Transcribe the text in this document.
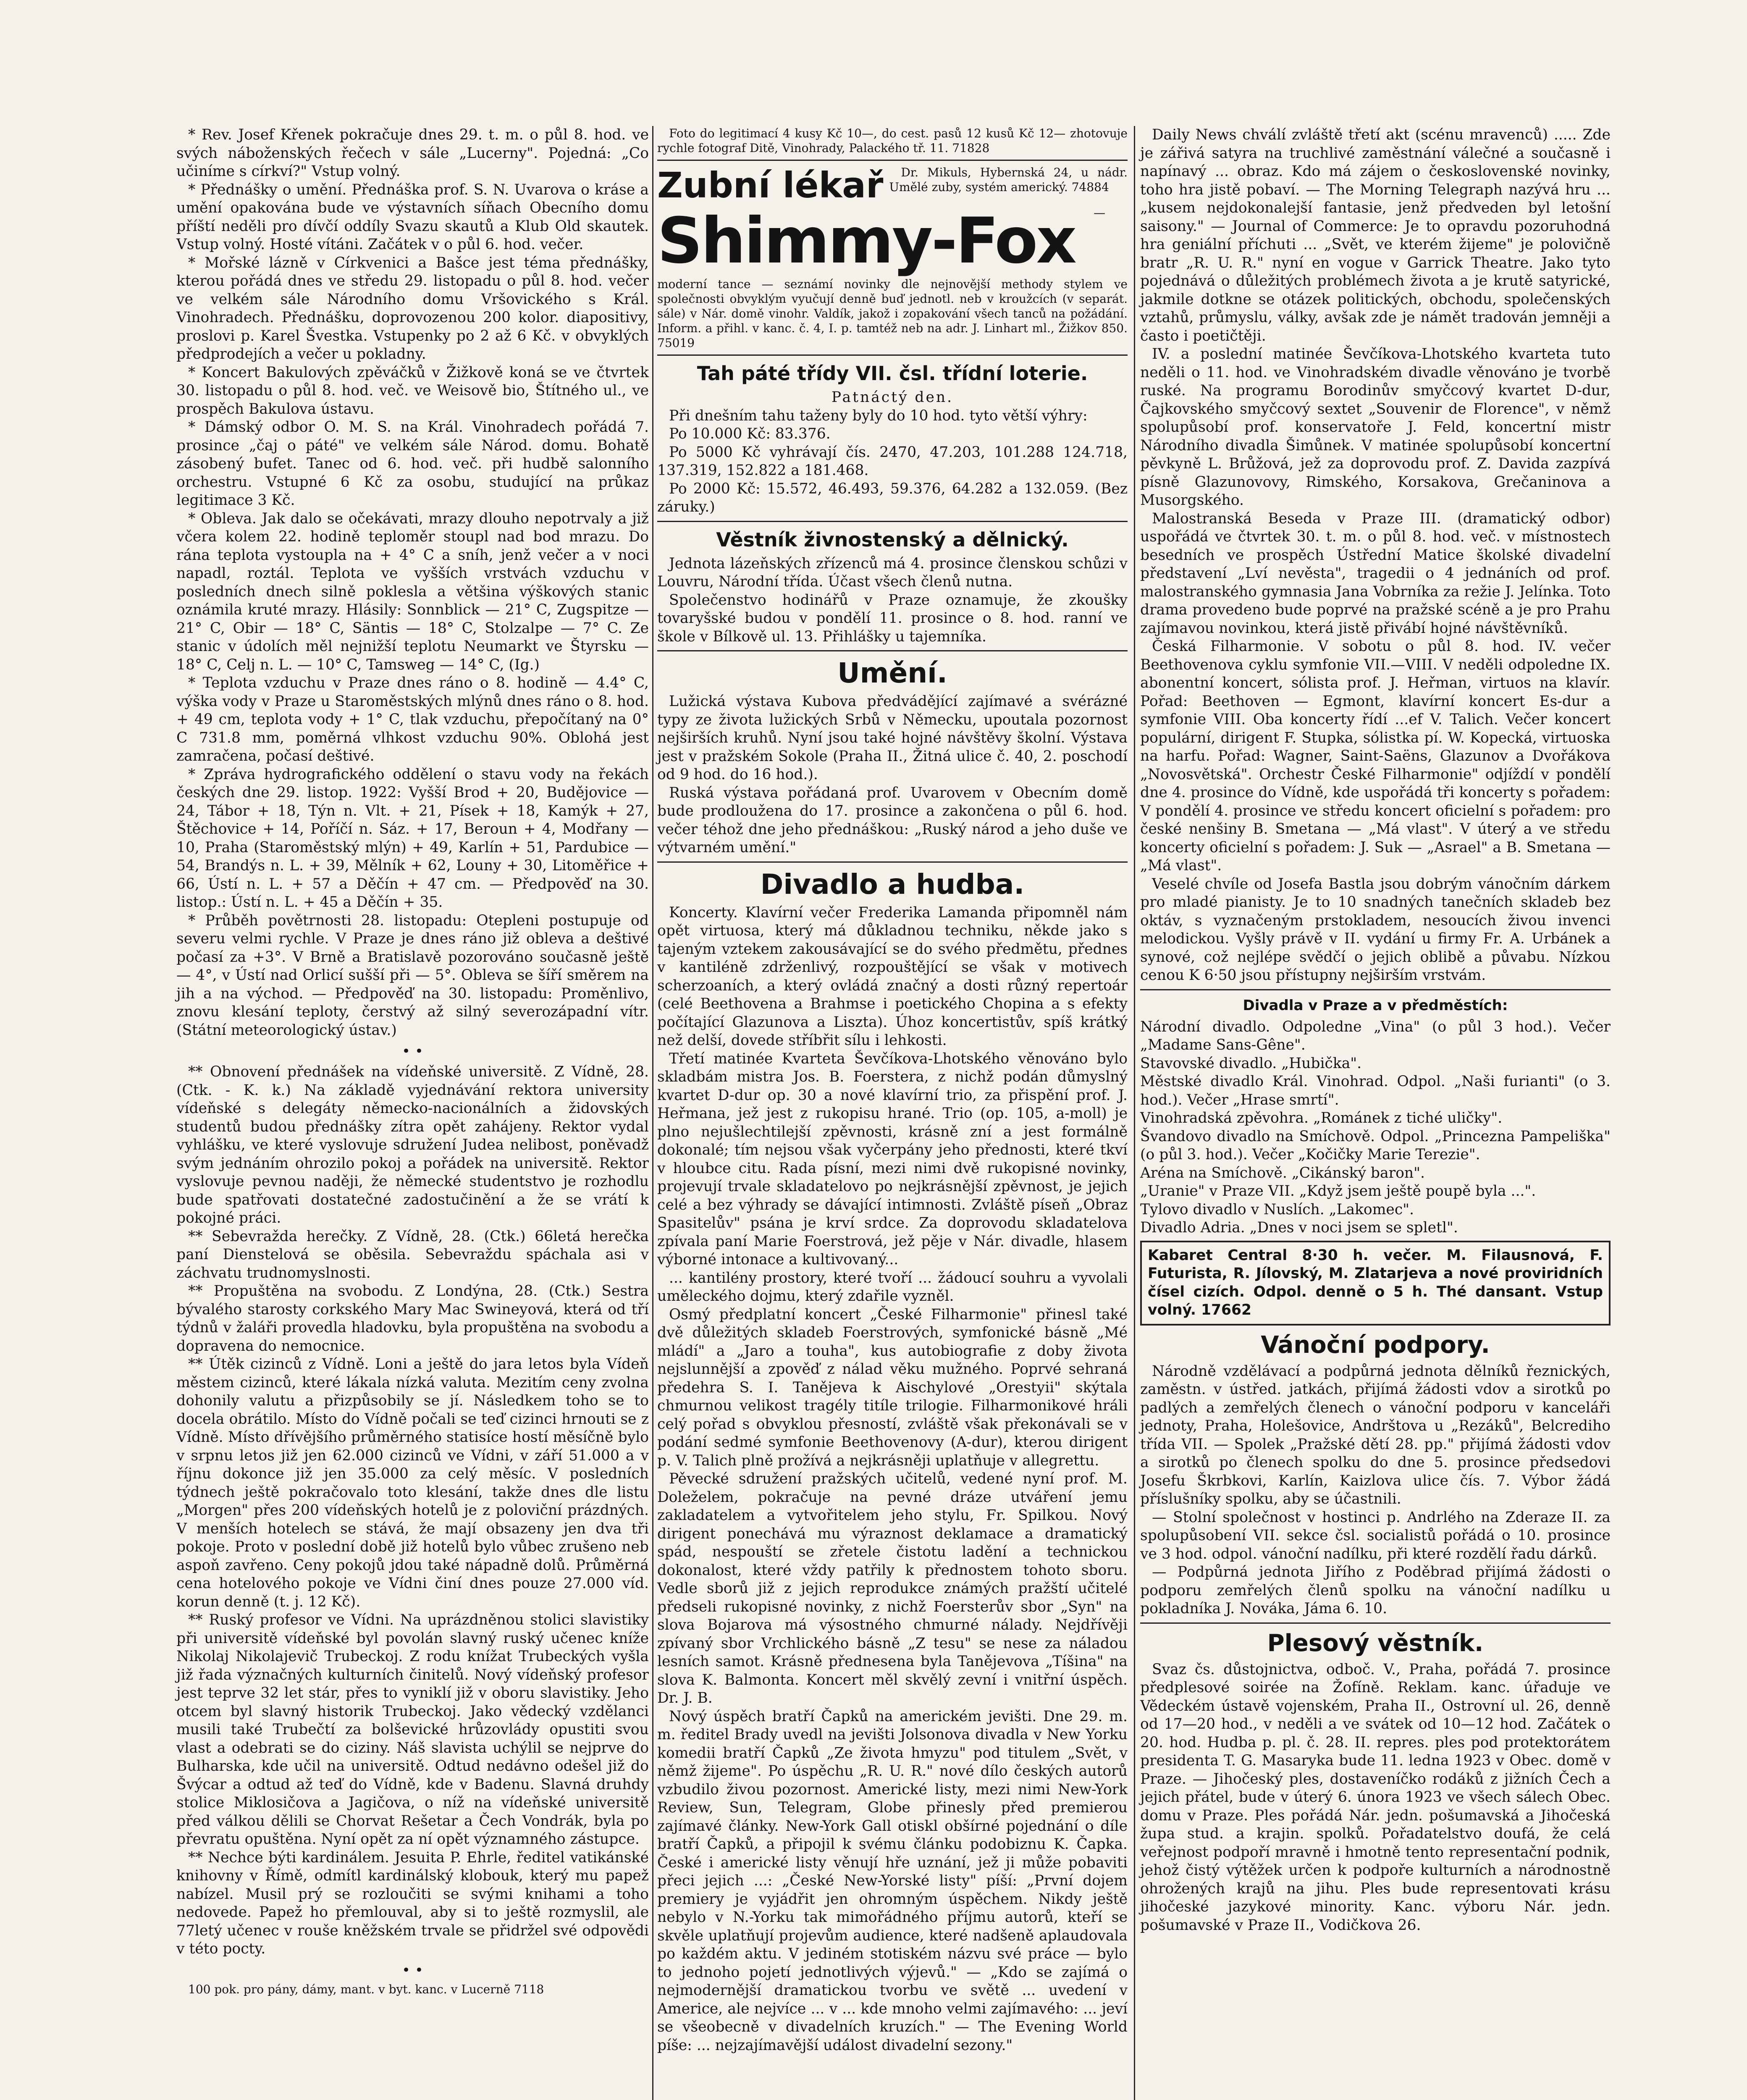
* Rev. Josef Křenek pokračuje dnes 29. t. m. o půl 8. hod. ve svých náboženských řečech v sále „Lucerny". Pojedná: „Co učiníme s církví?" Vstup volný.

* Přednášky o umění. Přednáška prof. S. N. Uvarova o kráse a umění opakována bude ve výstavních síňach Obecního domu příští neděli pro dívčí oddíly Svazu skautů a Klub Old skautek. Vstup volný. Hosté vítáni. Začátek v o půl 6. hod. večer.

* Mořské lázně v Církvenici a Bašce jest téma přednášky, kterou pořádá dnes ve středu 29. listopadu o půl 8. hod. večer ve velkém sále Národního domu Vršovického s Král. Vinohradech. Přednášku, doprovozenou 200 kolor. diapositivy, proslovi p. Karel Švestka. Vstupenky po 2 až 6 Kč. v obvyklých předprodejích a večer u pokladny.

* Koncert Bakulových zpěváčků v Žižkově koná se ve čtvrtek 30. listopadu o půl 8. hod. več. ve Weisově bio, Štítného ul., ve prospěch Bakulova ústavu.

* Dámský odbor O. M. S. na Král. Vinohradech pořádá 7. prosince „čaj o páté" ve velkém sále Národ. domu. Bohatě zásobený bufet. Tanec od 6. hod. več. při hudbě salonního orchestru. Vstupné 6 Kč za osobu, studující na průkaz legitimace 3 Kč.

* Obleva. Jak dalo se očekávati, mrazy dlouho nepotrvaly a již včera kolem 22. hodině teploměr stoupl nad bod mrazu. Do rána teplota vystoupla na + 4° C a sníh, jenž večer a v noci napadl, roztál. Teplota ve vyšších vrstvách vzduchu v posledních dnech silně poklesla a většina výškových stanic oznámila kruté mrazy. Hlásily: Sonnblick — 21° C, Zugspitze — 21° C, Obir — 18° C, Säntis — 18° C, Stolzalpe — 7° C. Ze stanic v údolích měl nejnižší teplotu Neumarkt ve Štyrsku — 18° C, Celj n. L. — 10° C, Tamsweg — 14° C, (Ig.)

* Teplota vzduchu v Praze dnes ráno o 8. hodině — 4.4° C, výška vody v Praze u Staroměstských mlýnů dnes ráno o 8. hod. + 49 cm, teplota vody + 1° C, tlak vzduchu, přepočítaný na 0° C 731.8 mm, poměrná vlhkost vzduchu 90%. Oblohá jest zamračena, počasí deštivé.

* Zpráva hydrografického oddělení o stavu vody na řekách českých dne 29. listop. 1922: Vyšší Brod + 20, Budějovice — 24, Tábor + 18, Týn n. Vlt. + 21, Písek + 18, Kamýk + 27, Štěchovice + 14, Poříčí n. Sáz. + 17, Beroun + 4, Modřany — 10, Praha (Staroměstský mlýn) + 49, Karlín + 51, Pardubice — 54, Brandýs n. L. + 39, Mělník + 62, Louny + 30, Litoměřice + 66, Ústí n. L. + 57 a Děčín + 47 cm. — Předpověď na 30. listop.: Ústí n. L. + 45 a Děčín + 35.

* Průběh povětrnosti 28. listopadu: Otepleni postupuje od severu velmi rychle. V Praze je dnes ráno již obleva a deštivé počasí za +3°. V Brně a Bratislavě pozorováno současně ještě — 4°, v Ústí nad Orlicí sušší při — 5°. Obleva se šíří směrem na jih a na východ. — Předpověď na 30. listopadu: Proměnlivo, znovu klesání teploty, čerstvý až silný severozápadní vítr. (Státní meteorologický ústav.)

• •

** Obnovení přednášek na vídeňské universitě. Z Vídně, 28. (Ctk. - K. k.) Na základě vyjednávání rektora university vídeňské s delegáty německo-nacionálních a židovských studentů budou přednášky zítra opět zahájeny. Rektor vydal vyhlášku, ve které vyslovuje sdružení Judea nelibost, poněvadž svým jednáním ohrozilo pokoj a pořádek na universitě. Rektor vyslovuje pevnou naději, že německé studentstvo je rozhodlu bude spatřovati dostatečné zadostučinění a že se vrátí k pokojné práci.

** Sebevražda herečky. Z Vídně, 28. (Ctk.) 66letá herečka paní Dienstelová se oběsila. Sebevraždu spáchala asi v záchvatu trudnomyslnosti.

** Propuštěna na svobodu. Z Londýna, 28. (Ctk.) Sestra bývalého starosty corkského Mary Mac Swineyová, která od tří týdnů v žaláři provedla hladovku, byla propuštěna na svobodu a dopravena do nemocnice.

** Útěk cizinců z Vídně. Loni a ještě do jara letos byla Vídeň městem cizinců, které lákala nízká valuta. Mezitím ceny zvolna dohonily valutu a přizpůsobily se jí. Následkem toho se to docela obrátilo. Místo do Vídně počali se teď cizinci hrnouti se z Vídně. Místo dřívějšího průměrného statisíce hostí měsíčně bylo v srpnu letos již jen 62.000 cizinců ve Vídni, v září 51.000 a v říjnu dokonce již jen 35.000 za celý měsíc. V posledních týdnech ještě pokračovalo toto klesání, takže dnes dle listu „Morgen" přes 200 vídeňských hotelů je z poloviční prázdných. V menších hotelech se stává, že mají obsazeny jen dva tři pokoje. Proto v poslední době již hotelů bylo vůbec zrušeno neb aspoň zavřeno. Ceny pokojů jdou také nápadně dolů. Průměrná cena hotelového pokoje ve Vídni činí dnes pouze 27.000 víd. korun denně (t. j. 12 Kč).

** Ruský profesor ve Vídni. Na uprázdněnou stolici slavistiky při universitě vídeňské byl povolán slavný ruský učenec kníže Nikolaj Nikolajevič Trubeckoj. Z rodu knížat Trubeckých vyšla již řada význačných kulturních činitelů. Nový vídeňský profesor jest teprve 32 let stár, přes to vyniklí již v oboru slavistiky. Jeho otcem byl slavný historik Trubeckoj. Jako vědecký vzdělanci musili také Trubečtí za bolševické hrůzovlády opustiti svou vlast a odebrati se do ciziny. Náš slavista uchýlil se nejprve do Bulharska, kde učil na universitě. Odtud nedávno odešel již do Švýcar a odtud až teď do Vídně, kde v Badenu. Slavná druhdy stolice Miklosičova a Jagičova, o níž na vídeňské universitě před válkou dělili se Chorvat Rešetar a Čech Vondrák, byla po převratu opuštěna. Nyní opět za ní opět významného zástupce.

** Nechce býti kardinálem. Jesuita P. Ehrle, ředitel vatikánské knihovny v Římě, odmítl kardinálský klobouk, který mu papež nabízel. Musil prý se rozloučiti se svými knihami a toho nedovede. Papež ho přemlouval, aby si to ještě rozmyslil, ale 77letý učenec v rouše kněžském trvale se přidržel své odpovědi v této pocty.

• •

100 pok. pro pány, dámy, mant. v byt. kanc. v Lucerně 7118

Foto do legitimací 4 kusy Kč 10—, do cest. pasů 12 kusů Kč 12— zhotovuje rychle fotograf Ditě, Vinohrady, Palackého tř. 11. 71828

Zubní lékař	Dr. Mikuls, Hybernská 24, u nádr. Umělé zuby, systém americký. 74884

Shimmy-Fox	— moderní tance — seznámí novinky dle nejnovější methody stylem ve společnosti obvyklým vyučují denně buď jednotl. neb v kroužcích (v separát. sále) v Nár. domě vinohr. Valdík, jakož i zopakování všech tanců na požádání. Inform. a přihl. v kanc. č. 4, I. p. tamtéž neb na adr. J. Linhart ml., Žižkov 850. 75019

Tah páté třídy VII. čsl. třídní loterie.
Patnáctý den.

Při dnešním tahu taženy byly do 10 hod. tyto větší výhry:

Po 10.000 Kč: 83.376.

Po 5000 Kč vyhrávají čís. 2470, 47.203, 101.288 124.718, 137.319, 152.822 a 181.468.

Po 2000 Kč: 15.572, 46.493, 59.376, 64.282 a 132.059. (Bez záruky.)

Věstník živnostenský a dělnický.

Jednota lázeňských zřízenců má 4. prosince členskou schůzi v Louvru, Národní třída. Účast všech členů nutna.

Společenstvo hodinářů v Praze oznamuje, že zkoušky tovaryšské budou v pondělí 11. prosince o 8. hod. ranní ve škole v Bílkově ul. 13. Přihlášky u tajemníka.

Umění.

Lužická výstava Kubova předvádějící zajímavé a svérázné typy ze života lužických Srbů v Německu, upoutala pozornost nejširších kruhů. Nyní jsou také hojné návštěvy školní. Výstava jest v pražském Sokole (Praha II., Žitná ulice č. 40, 2. poschodí od 9 hod. do 16 hod.).

Ruská výstava pořádaná prof. Uvarovem v Obecním domě bude prodloužena do 17. prosince a zakončena o půl 6. hod. večer téhož dne jeho přednáškou: „Ruský národ a jeho duše ve výtvarném umění."

Divadlo a hudba.

Koncerty. Klavírní večer Frederika Lamanda připomněl nám opět virtuosa, který má důkladnou techniku, někde jako s tajeným vztekem zakousávající se do svého předmětu, přednes v kantiléně zdrženlivý, rozpouštějící se však v motivech scherzoaních, a který ovládá značný a dosti různý repertoár (celé Beethovena a Brahmse i poetického Chopina a s efekty počítající Glazunova a Liszta). Úhoz koncertistův, spíš krátký než delší, dovede stříbřit sílu i lehkosti.

Třetí matinée Kvarteta Ševčíkova-Lhotského věnováno bylo skladbám mistra Jos. B. Foerstera, z nichž podán důmyslný kvartet D-dur op. 30 a nové klavírní trio, za přispění prof. J. Heřmana, jež jest z rukopisu hrané. Trio (op. 105, a-moll) je plno nejušlechtilejší zpěvnosti, krásně zní a jest formálně dokonalé; tím nejsou však vyčerpány jeho přednosti, které tkví v hloubce citu. Rada písní, mezi nimi dvě rukopisné novinky, projevují trvale skladatelovo po nejkrásnější zpěvnost, je jejich celé a bez výhrady se dávající intimnosti. Zvláště píseň „Obraz Spasitelův" psána je krví srdce. Za doprovodu skladatelova zpívala paní Marie Foerstrová, jež pěje v Nár. divadle, hlasem výborné intonace a kultivovaný...

... kantilény prostory, které tvoří ... žádoucí souhru a vyvolali uměleckého dojmu, který zdařile vyzněl.

Osmý předplatní koncert „České Filharmonie" přinesl také dvě důležitých skladeb Foerstrových, symfonické básně „Mé mládí" a „Jaro a touha", kus autobiografie z doby života nejslunnější a zpověď z nálad věku mužného. Poprvé sehraná předehra S. I. Tanějeva k Aischylové „Orestyii" skýtala chmurnou velikost tragély titíle trilogie. Filharmonikové hráli celý pořad s obvyklou přesností, zvláště však překonávali se v podání sedmé symfonie Beethovenovy (A-dur), kterou dirigent p. V. Talich plně prožívá a nejkrásněji uplatňuje v allegrettu.

Pěvecké sdružení pražských učitelů, vedené nyní prof. M. Doleželem, pokračuje na pevné dráze utváření jemu zakladatelem a vytvořitelem jeho stylu, Fr. Spilkou. Nový dirigent ponechává mu výraznost deklamace a dramatický spád, nespouští se zřetele čistotu ladění a technickou dokonalost, které vždy patřily k přednostem tohoto sboru. Vedle sborů již z jejich reprodukce známých pražští učitelé předseli rukopisné novinky, z nichž Foersterův sbor „Syn" na slova Bojarova má výsostného chmurné nálady. Nejdřívěji zpívaný sbor Vrchlického básně „Z tesu" se nese za náladou lesních samot. Krásně přednesena byla Tanějevova „Tíšina" na slova K. Balmonta. Koncert měl skvělý zevní i vnitřní úspěch. Dr. J. B.

Nový úspěch bratří Čapků na americkém jevišti. Dne 29. m. m. ředitel Brady uvedl na jevišti Jolsonova divadla v New Yorku komedii bratří Čapků „Ze života hmyzu" pod titulem „Svět, v němž žijeme". Po úspěchu „R. U. R." nové dílo českých autorů vzbudilo živou pozornost. Americké listy, mezi nimi New-York Review, Sun, Telegram, Globe přinesly před premierou zajímavé články. New-York Gall otiskl obšírné pojednání o díle bratří Čapků, a připojil k svému článku podobiznu K. Čapka. České i americké listy věnují hře uznání, jež ji může pobaviti přeci jejich ...: „České New-Yorské listy" píší: „První dojem premiery je vyjádřit jen ohromným úspěchem. Nikdy ještě nebylo v N.-Yorku tak mimořádného příjmu autorů, kteří se skvěle uplatňují projevům audience, které nadšeně aplaudovala po každém aktu. V jediném stotiském názvu své práce — bylo to jednoho pojetí jednotlivých výjevů." — „Kdo se zajímá o nejmodernější dramatickou tvorbu ve světě ... uvedení v Americe, ale nejvíce ... v ... kde mnoho velmi zajímavého: ... jeví se všeobecně v divadelních kruzích." — The Evening World píše: ... nejzajímavější událost divadelní sezony."

Daily News chválí zvláště třetí akt (scénu mravenců) ..... Zde je zářivá satyra na truchlivé zaměstnání válečné a současně i napínavý ... obraz. Kdo má zájem o československé novinky, toho hra jistě pobaví. — The Morning Telegraph nazývá hru ... „kusem nejdokonalejší fantasie, jenž předveden byl letošní saisony." — Journal of Commerce: Je to opravdu pozoruhodná hra geniální příchuti ... „Svět, ve kterém žijeme" je polovičně bratr „R. U. R." nyní en vogue v Garrick Theatre. Jako tyto pojednává o důležitých problémech života a je krutě satyrické, jakmile dotkne se otázek politických, obchodu, společenských vztahů, průmyslu, války, avšak zde je námět tradován jemněji a často i poetičtěji.

IV. a poslední matinée Ševčíkova-Lhotského kvarteta tuto neděli o 11. hod. ve Vinohradském divadle věnováno je tvorbě ruské. Na programu Borodinův smyčcový kvartet D-dur, Čajkovského smyčcový sextet „Souvenir de Florence", v němž spolupůsobí prof. konservatoře J. Feld, koncertní mistr Národního divadla Šimůnek. V matinée spolupůsobí koncertní pěvkyně L. Brůžová, jež za doprovodu prof. Z. Davida zazpívá písně Glazunovovy, Rimského, Korsakova, Grečaninova a Musorgského.

Malostranská Beseda v Praze III. (dramatický odbor) uspořádá ve čtvrtek 30. t. m. o půl 8. hod. več. v místnostech besedních ve prospěch Ústřední Matice školské divadelní představení „Lví nevěsta", tragedii o 4 jednáních od prof. malostranského gymnasia Jana Vobrníka za režie J. Jelínka. Toto drama provedeno bude poprvé na pražské scéně a je pro Prahu zajímavou novinkou, která jistě přivábí hojné návštěvníků.

Česká Filharmonie. V sobotu o půl 8. hod. IV. večer Beethovenova cyklu symfonie VII.—VIII. V neděli odpoledne IX. abonentní koncert, sólista prof. J. Heřman, virtuos na klavír. Pořad: Beethoven — Egmont, klavírní koncert Es-dur a symfonie VIII. Oba koncerty řídí ...ef V. Talich. Večer koncert populární, dirigent F. Stupka, sólistka pí. W. Kopecká, virtuoska na harfu. Pořad: Wagner, Saint-Saëns, Glazunov a Dvořákova „Novosvětská". Orchestr České Filharmonie" odjíždí v pondělí dne 4. prosince do Vídně, kde uspořádá tři koncerty s pořadem: V pondělí 4. prosince ve středu koncert oficielní s pořadem: pro české nenšiny B. Smetana — „Má vlast". V úterý a ve středu koncerty oficielní s pořadem: J. Suk — „Asrael" a B. Smetana — „Má vlast".

Veselé chvíle od Josefa Bastla jsou dobrým vánočním dárkem pro mladé pianisty. Je to 10 snadných tanečních skladeb bez oktáv, s vyznačeným prstokladem, nesoucích živou invenci melodickou. Vyšly právě v II. vydání u firmy Fr. A. Urbánek a synové, což nejlépe svědčí o jejich oblibě a půvabu. Nízkou cenou K 6·50 jsou přístupny nejširším vrstvám.

Divadla v Praze a v předměstích:

Národní divadlo. Odpoledne „Vina" (o půl 3 hod.). Večer „Madame Sans-Gêne".

Stavovské divadlo. „Hubička".

Městské divadlo Král. Vinohrad. Odpol. „Naši furianti" (o 3. hod.). Večer „Hrase smrtí".

Vinohradská zpěvohra. „Románek z tiché uličky".

Švandovo divadlo na Smíchově. Odpol. „Princezna Pampeliška" (o půl 3. hod.). Večer „Kočičky Marie Terezie".

Aréna na Smíchově. „Cikánský baron".

„Uranie" v Praze VII. „Když jsem ještě poupě byla ...".

Tylovo divadlo v Nuslích. „Lakomec".

Divadlo Adria. „Dnes v noci jsem se spletl".

Kabaret Central 8·30 h. večer. M. Filausnová, F. Futurista, R. Jílovský, M. Zlatarjeva a nové proviridních čísel cizích. Odpol. denně o 5 h. Thé dansant. Vstup volný. 17662

Vánoční podpory.

Národně vzdělávací a podpůrná jednota dělníků řeznických, zaměstn. v ústřed. jatkách, přijímá žádosti vdov a sirotků po padlých a zemřelých členech o vánoční podporu v kanceláři jednoty, Praha, Holešovice, Andrštova u „Rezáků", Belcrediho třída VII. — Spolek „Pražské dětí 28. pp." přijímá žádosti vdov a sirotků po členech spolku do dne 5. prosince předsedovi Josefu Škrbkovi, Karlín, Kaizlova ulice čís. 7. Výbor žádá příslušníky spolku, aby se účastnili.

— Stolní společnost v hostinci p. Andrlého na Zderaze II. za spolupůsobení VII. sekce čsl. socialistů pořádá o 10. prosince ve 3 hod. odpol. vánoční nadílku, při které rozdělí řadu dárků.

— Podpůrná jednota Jiřího z Poděbrad přijímá žádosti o podporu zemřelých členů spolku na vánoční nadílku u pokladníka J. Nováka, Jámа 6. 10.

Plesový věstník.

Svaz čs. důstojnictva, odboč. V., Praha, pořádá 7. prosince předplesové soirée na Žofíně. Reklam. kanc. úřaduje ve Vědeckém ústavě vojenském, Praha II., Ostrovní ul. 26, denně od 17—20 hod., v neděli a ve svátek od 10—12 hod. Začátek o 20. hod. Hudba p. pl. č. 28. II. repres. ples pod protektorátem presidenta T. G. Masaryka bude 11. ledna 1923 v Obec. domě v Praze. — Jihočeský ples, dostaveníčko rodáků z jižních Čech a jejich přátel, bude v úterý 6. února 1923 ve všech sálech Obec. domu v Praze. Ples pořádá Nár. jedn. pošumavská a Jihočeská župa stud. a krajin. spolků. Pořadatelstvo doufá, že celá veřejnost podpoří mravně i hmotně tento representační podnik, jehož čistý výtěžek určen k podpoře kulturních a národnostně ohrožených krajů na jihu. Ples bude representovati krásu jihočeské jazykové minority. Kanc. výboru Nár. jedn. pošumavské v Praze II., Vodičkova 26.
